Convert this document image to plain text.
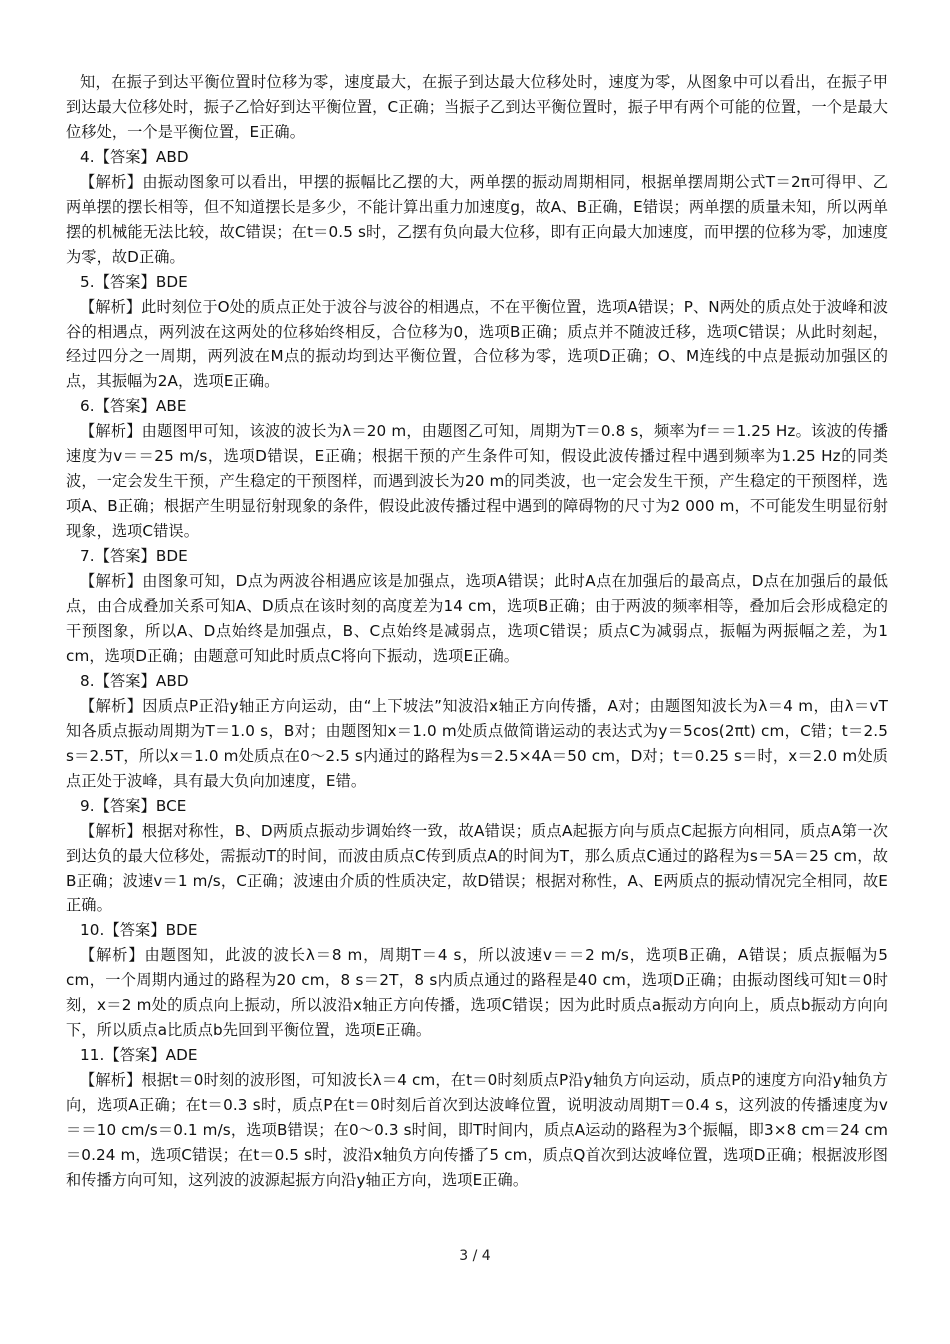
知，在振子到达平衡位置时位移为零，速度最大，在振子到达最大位移处时，速度为零，从图象中可以看出，在振子甲到达最大位移处时，振子乙恰好到达平衡位置，C正确；当振子乙到达平衡位置时，振子甲有两个可能的位置，一个是最大位移处，一个是平衡位置，E正确。

4.【答案】ABD

【解析】由振动图象可以看出，甲摆的振幅比乙摆的大，两单摆的振动周期相同，根据单摆周期公式T＝2π可得甲、乙两单摆的摆长相等，但不知道摆长是多少，不能计算出重力加速度g，故A、B正确，E错误；两单摆的质量未知，所以两单摆的机械能无法比较，故C错误；在t＝0.5 s时，乙摆有负向最大位移，即有正向最大加速度，而甲摆的位移为零，加速度为零，故D正确。

5.【答案】BDE

【解析】此时刻位于O处的质点正处于波谷与波谷的相遇点，不在平衡位置，选项A错误；P、N两处的质点处于波峰和波谷的相遇点，两列波在这两处的位移始终相反，合位移为0，选项B正确；质点并不随波迁移，选项C错误；从此时刻起，经过四分之一周期，两列波在M点的振动均到达平衡位置，合位移为零，选项D正确；O、M连线的中点是振动加强区的点，其振幅为2A，选项E正确。

6.【答案】ABE

【解析】由题图甲可知，该波的波长为λ＝20 m，由题图乙可知，周期为T＝0.8 s，频率为f＝＝1.25 Hz。该波的传播速度为v＝＝25 m/s，选项D错误，E正确；根据干预的产生条件可知，假设此波传播过程中遇到频率为1.25 Hz的同类波，一定会发生干预，产生稳定的干预图样，而遇到波长为20 m的同类波，也一定会发生干预，产生稳定的干预图样，选项A、B正确；根据产生明显衍射现象的条件，假设此波传播过程中遇到的障碍物的尺寸为2 000 m，不可能发生明显衍射现象，选项C错误。

7.【答案】BDE

【解析】由图象可知，D点为两波谷相遇应该是加强点，选项A错误；此时A点在加强后的最高点，D点在加强后的最低点，由合成叠加关系可知A、D质点在该时刻的高度差为14 cm，选项B正确；由于两波的频率相等，叠加后会形成稳定的干预图象，所以A、D点始终是加强点，B、C点始终是减弱点，选项C错误；质点C为减弱点，振幅为两振幅之差，为1 cm，选项D正确；由题意可知此时质点C将向下振动，选项E正确。

8.【答案】ABD

【解析】因质点P正沿y轴正方向运动，由“上下坡法”知波沿x轴正方向传播，A对；由题图知波长为λ＝4 m，由λ＝vT知各质点振动周期为T＝1.0 s，B对；由题图知x＝1.0 m处质点做简谐运动的表达式为y＝5cos(2πt) cm，C错；t＝2.5 s＝2.5T，所以x＝1.0 m处质点在0～2.5 s内通过的路程为s＝2.5×4A＝50 cm，D对；t＝0.25 s＝时，x＝2.0 m处质点正处于波峰，具有最大负向加速度，E错。

9.【答案】BCE

【解析】根据对称性，B、D两质点振动步调始终一致，故A错误；质点A起振方向与质点C起振方向相同，质点A第一次到达负的最大位移处，需振动T的时间，而波由质点C传到质点A的时间为T，那么质点C通过的路程为s＝5A＝25 cm，故B正确；波速v＝1 m/s，C正确；波速由介质的性质决定，故D错误；根据对称性，A、E两质点的振动情况完全相同，故E正确。

10.【答案】BDE

【解析】由题图知，此波的波长λ＝8 m，周期T＝4 s，所以波速v＝＝2 m/s，选项B正确，A错误；质点振幅为5 cm，一个周期内通过的路程为20 cm，8 s＝2T，8 s内质点通过的路程是40 cm，选项D正确；由振动图线可知t＝0时刻，x＝2 m处的质点向上振动，所以波沿x轴正方向传播，选项C错误；因为此时质点a振动方向向上，质点b振动方向向下，所以质点a比质点b先回到平衡位置，选项E正确。

11.【答案】ADE

【解析】根据t＝0时刻的波形图，可知波长λ＝4 cm，在t＝0时刻质点P沿y轴负方向运动，质点P的速度方向沿y轴负方向，选项A正确；在t＝0.3 s时，质点P在t＝0时刻后首次到达波峰位置，说明波动周期T＝0.4 s，这列波的传播速度为v＝＝10 cm/s＝0.1 m/s，选项B错误；在0～0.3 s时间，即T时间内，质点A运动的路程为3个振幅，即3×8 cm＝24 cm＝0.24 m，选项C错误；在t＝0.5 s时，波沿x轴负方向传播了5 cm，质点Q首次到达波峰位置，选项D正确；根据波形图和传播方向可知，这列波的波源起振方向沿y轴正方向，选项E正确。

3 / 4
